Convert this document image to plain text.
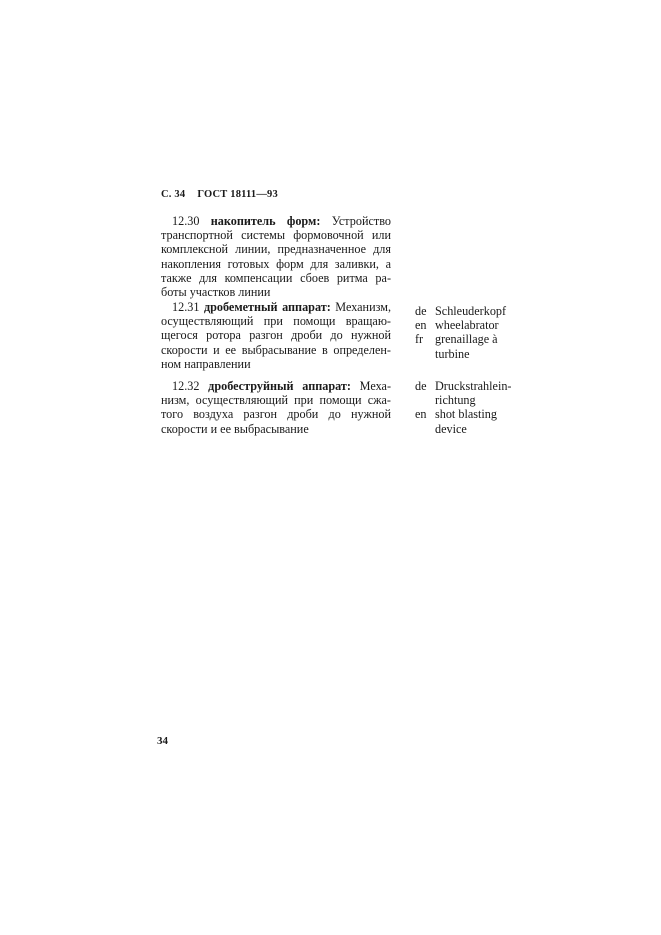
С. 34 ГОСТ 18111—93
12.30 накопитель форм: Устройство
транспортной системы формовочной или
комплексной линии, предназначенное для
накопления готовых форм для заливки, а
также для компенсации сбоев ритма ра-
боты участков линии
12.31 дробеметный аппарат: Механизм,
осуществляющий при помощи вращаю-
щегося ротора разгон дроби до нужной
скорости и ее выбрасывание в определен-
ном направлении
de Schleuderkopf
en wheelabrator
fr grenaillage à
turbine
12.32 дробеструйный аппарат: Меха-
низм, осуществляющий при помощи сжа-
того воздуха разгон дроби до нужной
скорости и ее выбрасывание
de Druckstrahlein-
richtung
en shot blasting
device
34
